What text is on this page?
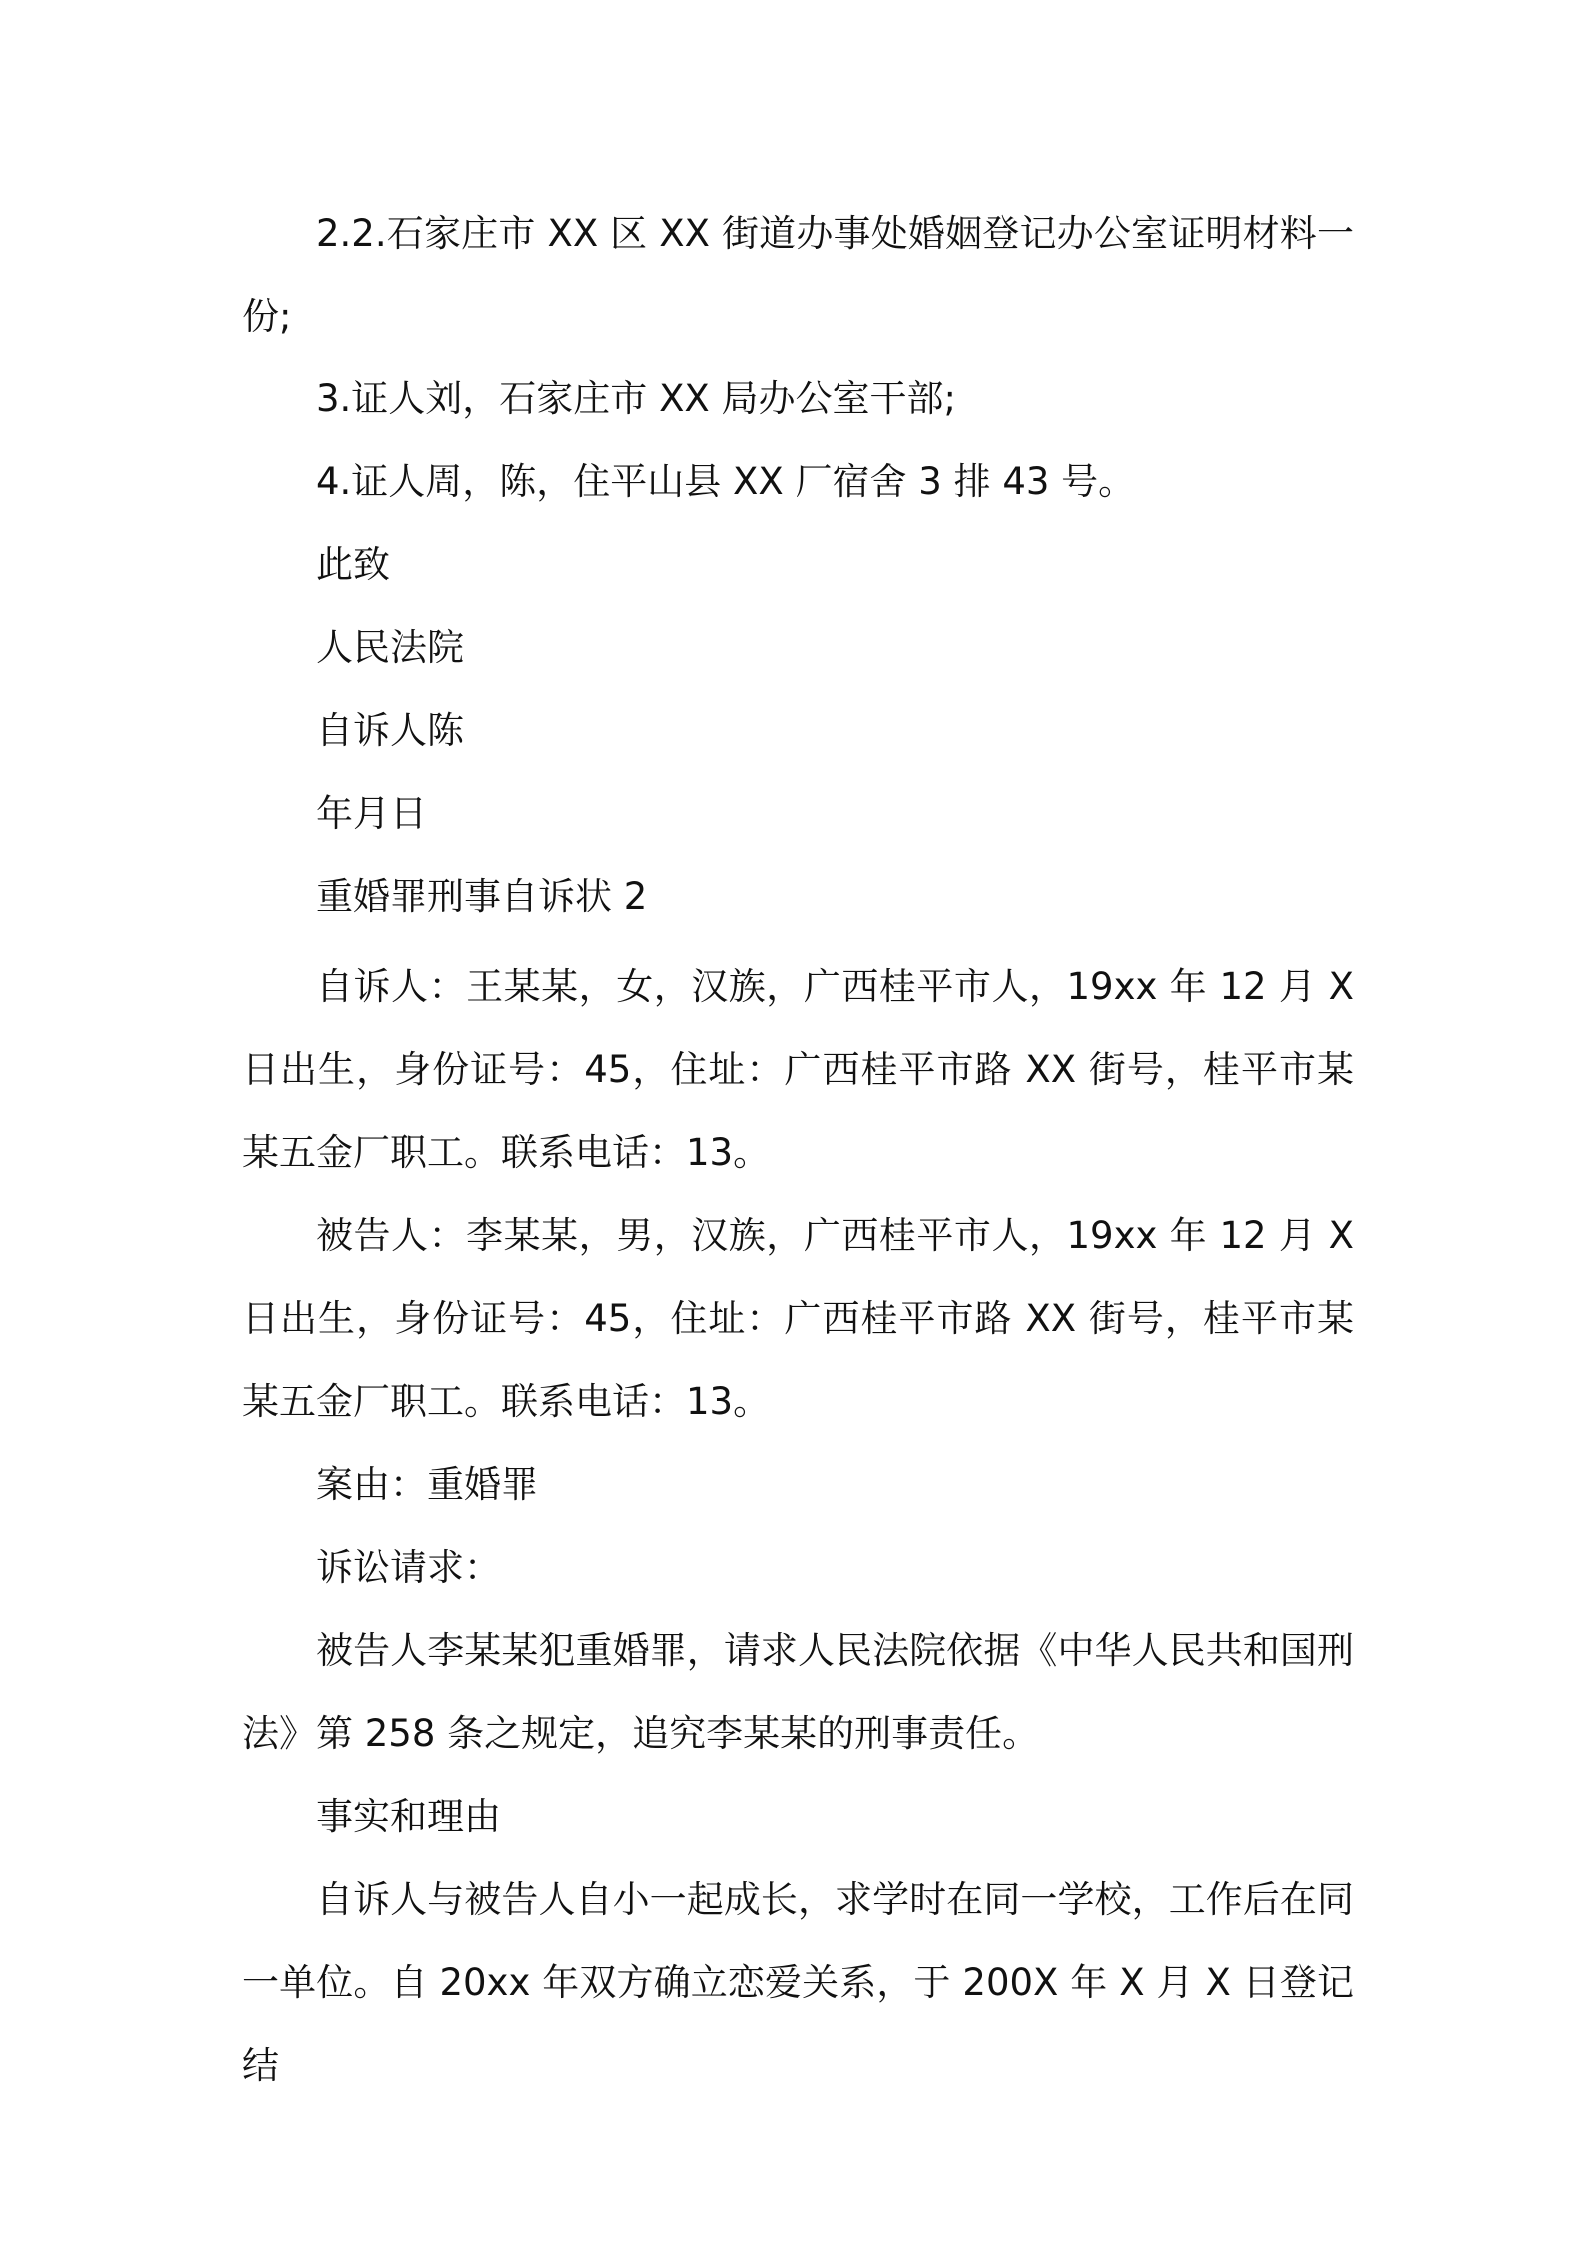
2.2.石家庄市 XX 区 XX 街道办事处婚姻登记办公室证明材料一份;

3.证人刘，石家庄市 XX 局办公室干部;

4.证人周，陈，住平山县 XX 厂宿舍 3 排 43 号。

此致

人民法院

自诉人陈

年月日

重婚罪刑事自诉状 2

自诉人：王某某，女，汉族，广西桂平市人，19xx 年 12 月 X 日出生，身份证号：45，住址：广西桂平市路 XX 街号，桂平市某某五金厂职工。联系电话：13。

被告人：李某某，男，汉族，广西桂平市人，19xx 年 12 月 X 日出生，身份证号：45，住址：广西桂平市路 XX 街号，桂平市某某五金厂职工。联系电话：13。

案由：重婚罪

诉讼请求：

被告人李某某犯重婚罪，请求人民法院依据《中华人民共和国刑法》第 258 条之规定，追究李某某的刑事责任。

事实和理由

自诉人与被告人自小一起成长，求学时在同一学校，工作后在同一单位。自 20xx 年双方确立恋爱关系，于 200X 年 X 月 X 日登记结
